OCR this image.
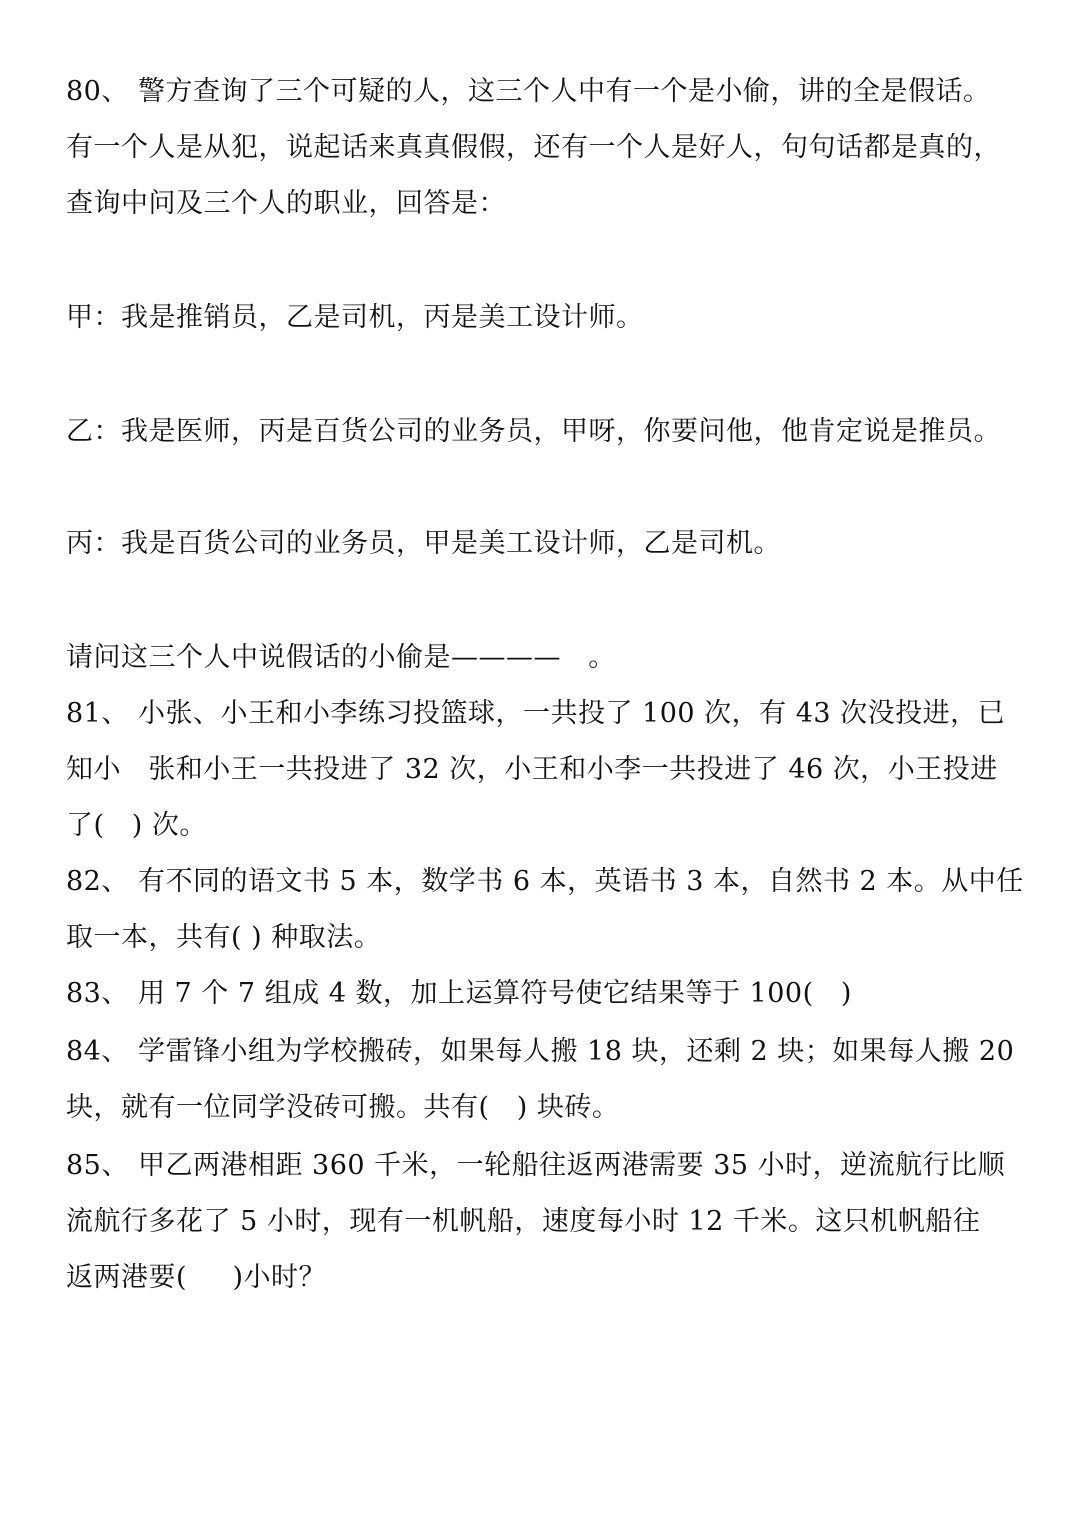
80、 警方查询了三个可疑的人，这三个人中有一个是小偷，讲的全是假话。
有一个人是从犯，说起话来真真假假，还有一个人是好人，句句话都是真的，
查询中问及三个人的职业，回答是：
甲：我是推销员，乙是司机，丙是美工设计师。
乙：我是医师，丙是百货公司的业务员，甲呀，你要问他，他肯定说是推员。
丙：我是百货公司的业务员，甲是美工设计师，乙是司机。
请问这三个人中说假话的小偷是————   。
81、 小张、小王和小李练习投篮球，一共投了 100 次，有 43 次没投进，已
知小   张和小王一共投进了 32 次，小王和小李一共投进了 46 次，小王投进
了(   ) 次。
82、 有不同的语文书 5 本，数学书 6 本，英语书 3 本，自然书 2 本。从中任
取一本，共有( ) 种取法。
83、 用 7 个 7 组成 4 数，加上运算符号使它结果等于 100(   )
84、 学雷锋小组为学校搬砖，如果每人搬 18 块，还剩 2 块；如果每人搬 20
块，就有一位同学没砖可搬。共有(   ) 块砖。
85、 甲乙两港相距 360 千米，一轮船往返两港需要 35 小时，逆流航行比顺
流航行多花了 5 小时，现有一机帆船，速度每小时 12 千米。这只机帆船往
返两港要(     )小时？
